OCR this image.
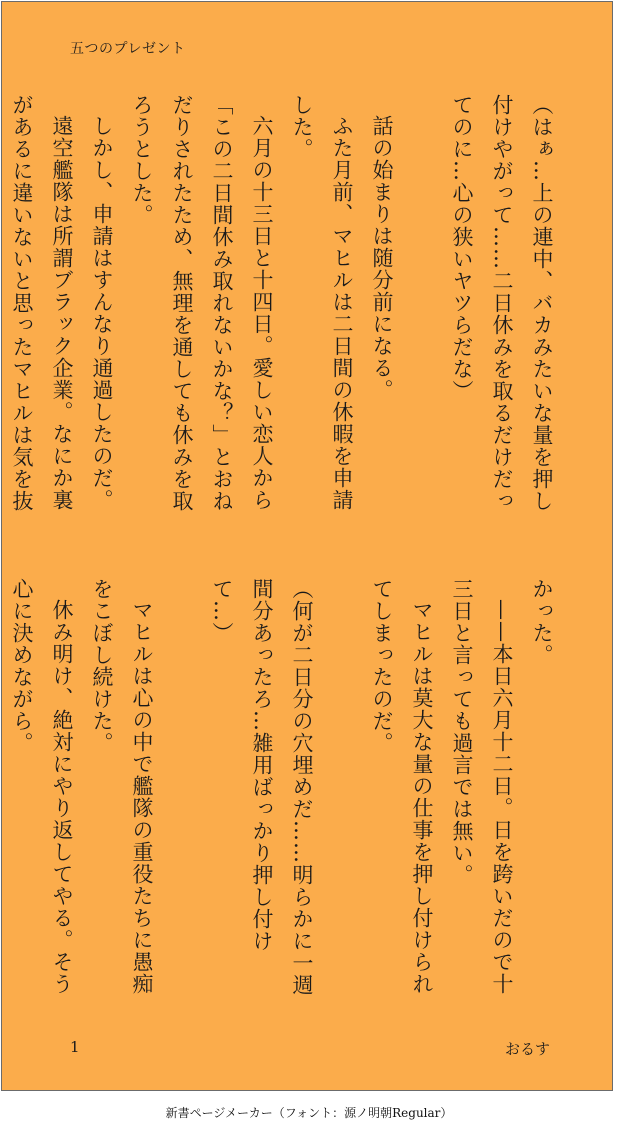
五つのプレゼント

（はぁ…上の連中、バカみたいな量を押し付けやがって……二日休みを取るだけだってのに…心の狭いヤツらだな）

話の始まりは随分前になる。

ふた月前、マヒルは二日間の休暇を申請した。

六月の十三日と十四日。愛しい恋人から「この二日間休み取れないかな？」とおねだりされたため、無理を通しても休みを取ろうとした。

しかし、申請はすんなり通過したのだ。

遠空艦隊は所謂ブラック企業。なにか裏があるに違いないと思ったマヒルは気を抜

かった。

——本日六月十二日。日を跨いだので十三日と言っても過言では無い。

マヒルは莫大な量の仕事を押し付けられてしまったのだ。

（何が二日分の穴埋めだ……明らかに一週間分あったろ…雑用ばっかり押し付けて…）

マヒルは心の中で艦隊の重役たちに愚痴をこぼし続けた。

休み明け、絶対にやり返してやる。そう心に決めながら。

1	おるす
新書ページメーカー（フォント：源ノ明朝Regular）
